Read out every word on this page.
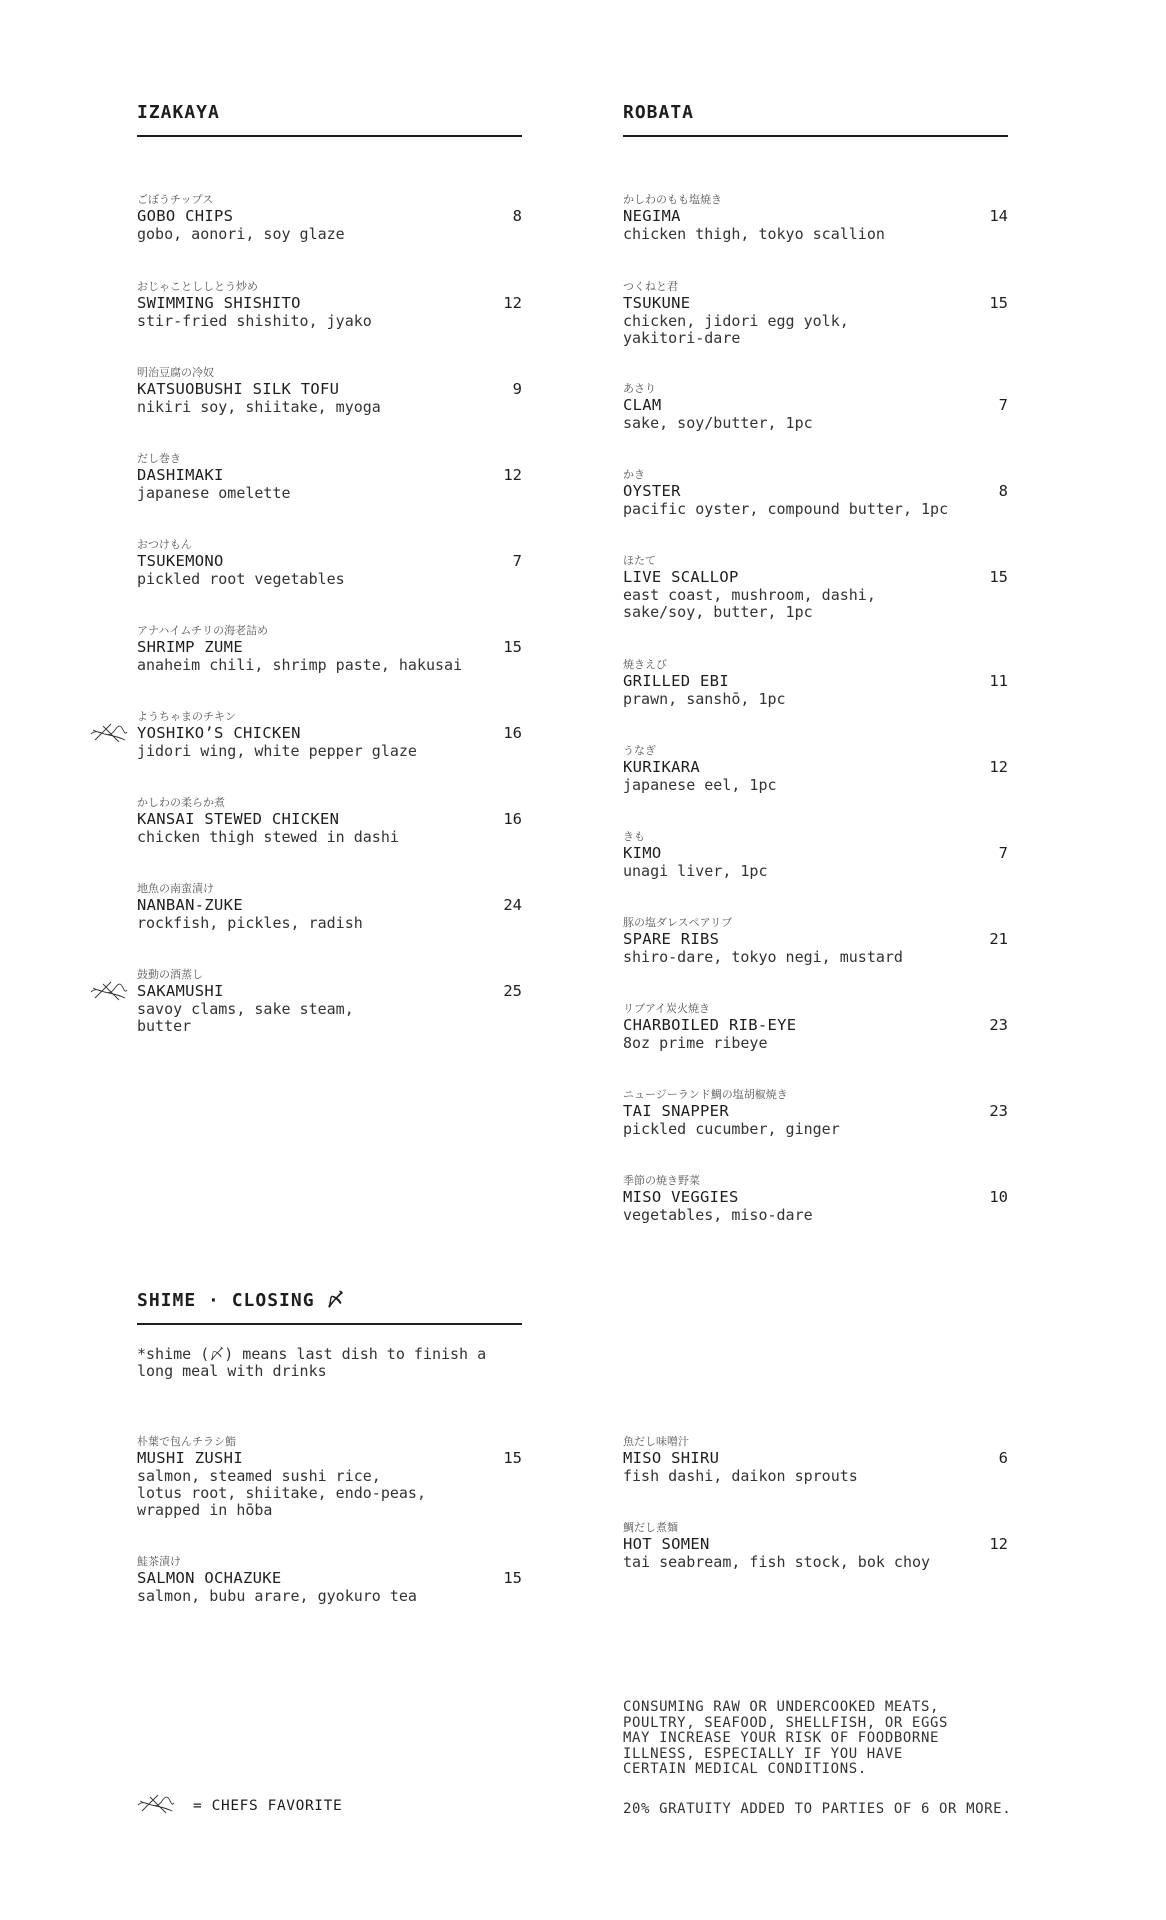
IZAKAYA	ROBATA
ごぼうチップス
GOBO CHIPS
gobo, aonori, soy glaze
8
おじゃことししとう炒め
SWIMMING SHISHITO
stir-fried shishito, jyako
12
明治豆腐の冷奴
KATSUOBUSHI SILK TOFU
nikiri soy, shiitake, myoga
9
だし巻き
DASHIMAKI
japanese omelette
12
おつけもん
TSUKEMONO
pickled root vegetables
7
アナハイムチリの海老詰め
SHRIMP ZUME
anaheim chili, shrimp paste, hakusai
15
ようちゃまのチキン
YOSHIKO’S CHICKEN
jidori wing, white pepper glaze
16
かしわの柔らか煮
KANSAI STEWED CHICKEN
chicken thigh stewed in dashi
16
地魚の南蛮漬け
NANBAN-ZUKE
rockfish, pickles, radish
24
鼓動の酒蒸し
SAKAMUSHI
savoy clams, sake steam,
butter
25
かしわのもも塩焼き
NEGIMA
chicken thigh, tokyo scallion
14
つくねと君
TSUKUNE
chicken, jidori egg yolk,
yakitori-dare
15
あさり
CLAM
sake, soy/butter, 1pc
7
かき
OYSTER
pacific oyster, compound butter, 1pc
8
ほたて
LIVE SCALLOP
east coast, mushroom, dashi,
sake/soy, butter, 1pc
15
焼きえび
GRILLED EBI
prawn, sanshō, 1pc
11
うなぎ
KURIKARA
japanese eel, 1pc
12
きも
KIMO
unagi liver, 1pc
7
豚の塩ダレスペアリブ
SPARE RIBS
shiro-dare, tokyo negi, mustard
21
リブアイ炭火焼き
CHARBOILED RIB-EYE
8oz prime ribeye
23
ニュージーランド鯛の塩胡椒焼き
TAI SNAPPER
pickled cucumber, ginger
23
季節の焼き野菜
MISO VEGGIES
vegetables, miso-dare
10
SHIME · CLOSING 〆
*shime (〆) means last dish to finish a
long meal with drinks
朴葉で包んチラシ鮨
MUSHI ZUSHI
salmon, steamed sushi rice,
lotus root, shiitake, endo-peas,
wrapped in hōba
15
鮭茶漬け
SALMON OCHAZUKE
salmon, bubu arare, gyokuro tea
15
魚だし味噌汁
MISO SHIRU
fish dashi, daikon sprouts
6
鯛だし煮麺
HOT SOMEN
tai seabream, fish stock, bok choy
12
CONSUMING RAW OR UNDERCOOKED MEATS,
POULTRY, SEAFOOD, SHELLFISH, OR EGGS
MAY INCREASE YOUR RISK OF FOODBORNE
ILLNESS, ESPECIALLY IF YOU HAVE
CERTAIN MEDICAL CONDITIONS.
20% GRATUITY ADDED TO PARTIES OF 6 OR MORE.
= CHEFS FAVORITE
